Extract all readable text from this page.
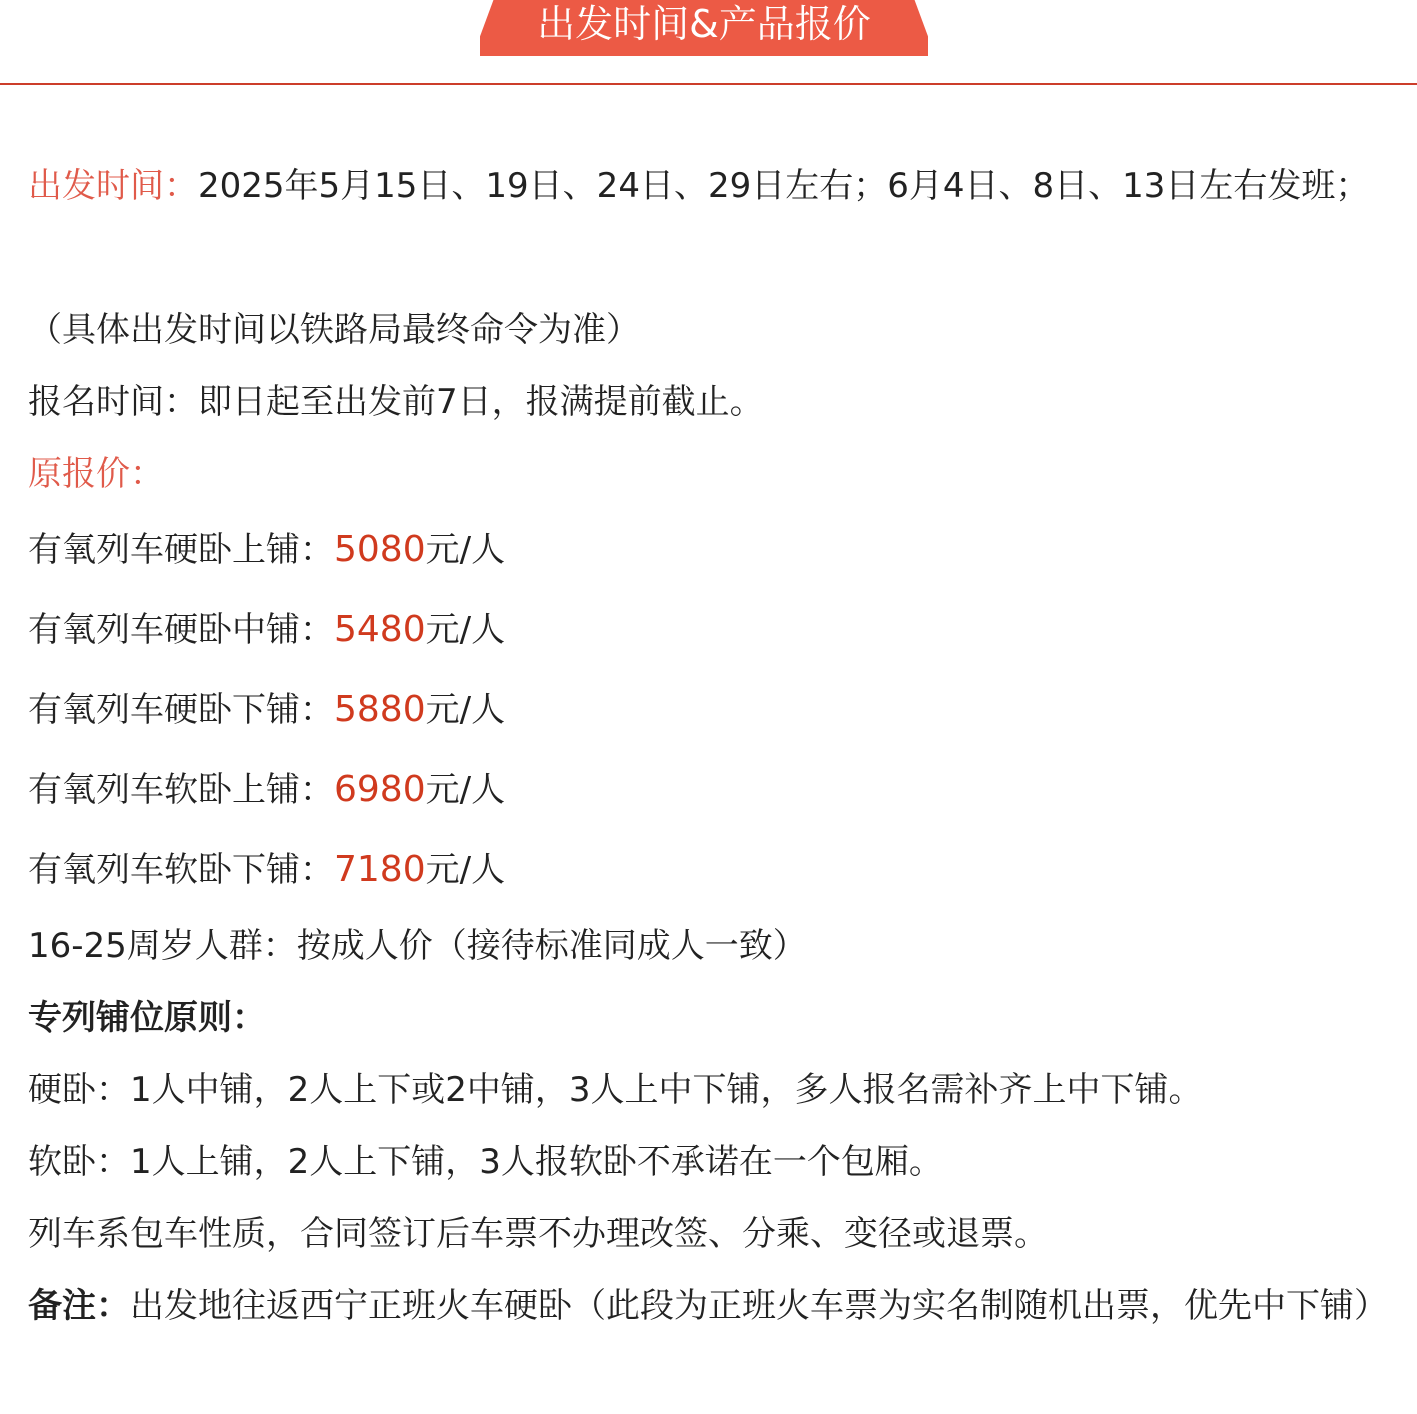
出发时间&产品报价
出发时间：2025年5月15日、19日、24日、29日左右；6月4日、8日、13日左右发班；
（具体出发时间以铁路局最终命令为准）
报名时间：即日起至出发前7日，报满提前截止。
原报价：
有氧列车硬卧上铺：5080元/人
有氧列车硬卧中铺：5480元/人
有氧列车硬卧下铺：5880元/人
有氧列车软卧上铺：6980元/人
有氧列车软卧下铺：7180元/人
16-25周岁人群：按成人价（接待标准同成人一致）
专列铺位原则：
硬卧：1人中铺，2人上下或2中铺，3人上中下铺，多人报名需补齐上中下铺。
软卧：1人上铺，2人上下铺，3人报软卧不承诺在一个包厢。
列车系包车性质，合同签订后车票不办理改签、分乘、变径或退票。
备注：出发地往返西宁正班火车硬卧（此段为正班火车票为实名制随机出票，优先中下铺）
